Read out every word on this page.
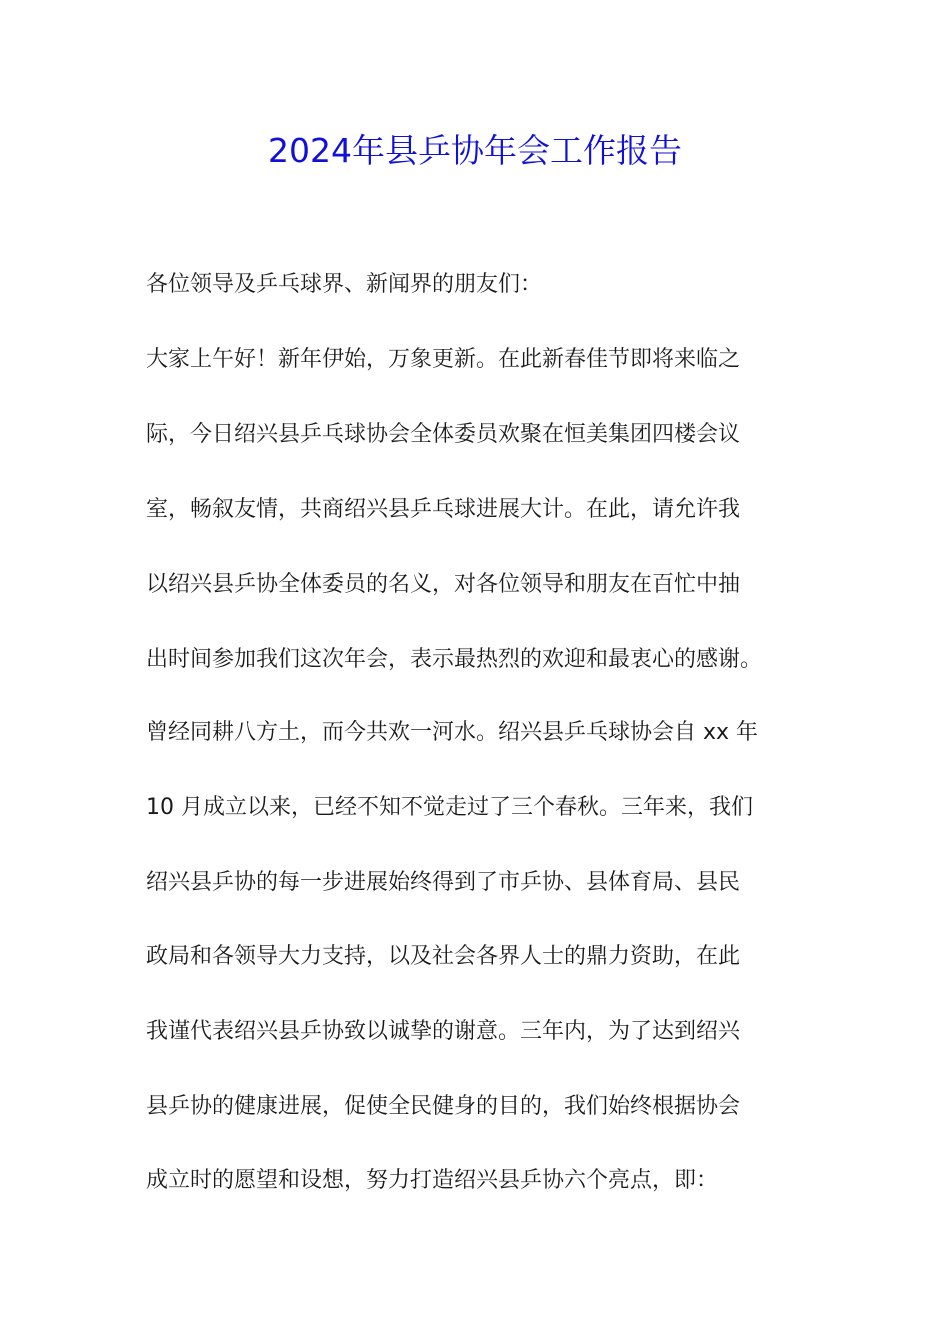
2024年县乒协年会工作报告
各位领导及乒乓球界、新闻界的朋友们：
大家上午好！新年伊始，万象更新。在此新春佳节即将来临之
际，今日绍兴县乒乓球协会全体委员欢聚在恒美集团四楼会议
室，畅叙友情，共商绍兴县乒乓球进展大计。在此，请允许我
以绍兴县乒协全体委员的名义，对各位领导和朋友在百忙中抽
出时间参加我们这次年会，表示最热烈的欢迎和最衷心的感谢。
曾经同耕八方土，而今共欢一河水。绍兴县乒乓球协会自 xx 年
10 月成立以来，已经不知不觉走过了三个春秋。三年来，我们
绍兴县乒协的每一步进展始终得到了市乒协、县体育局、县民
政局和各领导大力支持，以及社会各界人士的鼎力资助，在此
我谨代表绍兴县乒协致以诚挚的谢意。三年内，为了达到绍兴
县乒协的健康进展，促使全民健身的目的，我们始终根据协会
成立时的愿望和设想，努力打造绍兴县乒协六个亮点，即：
